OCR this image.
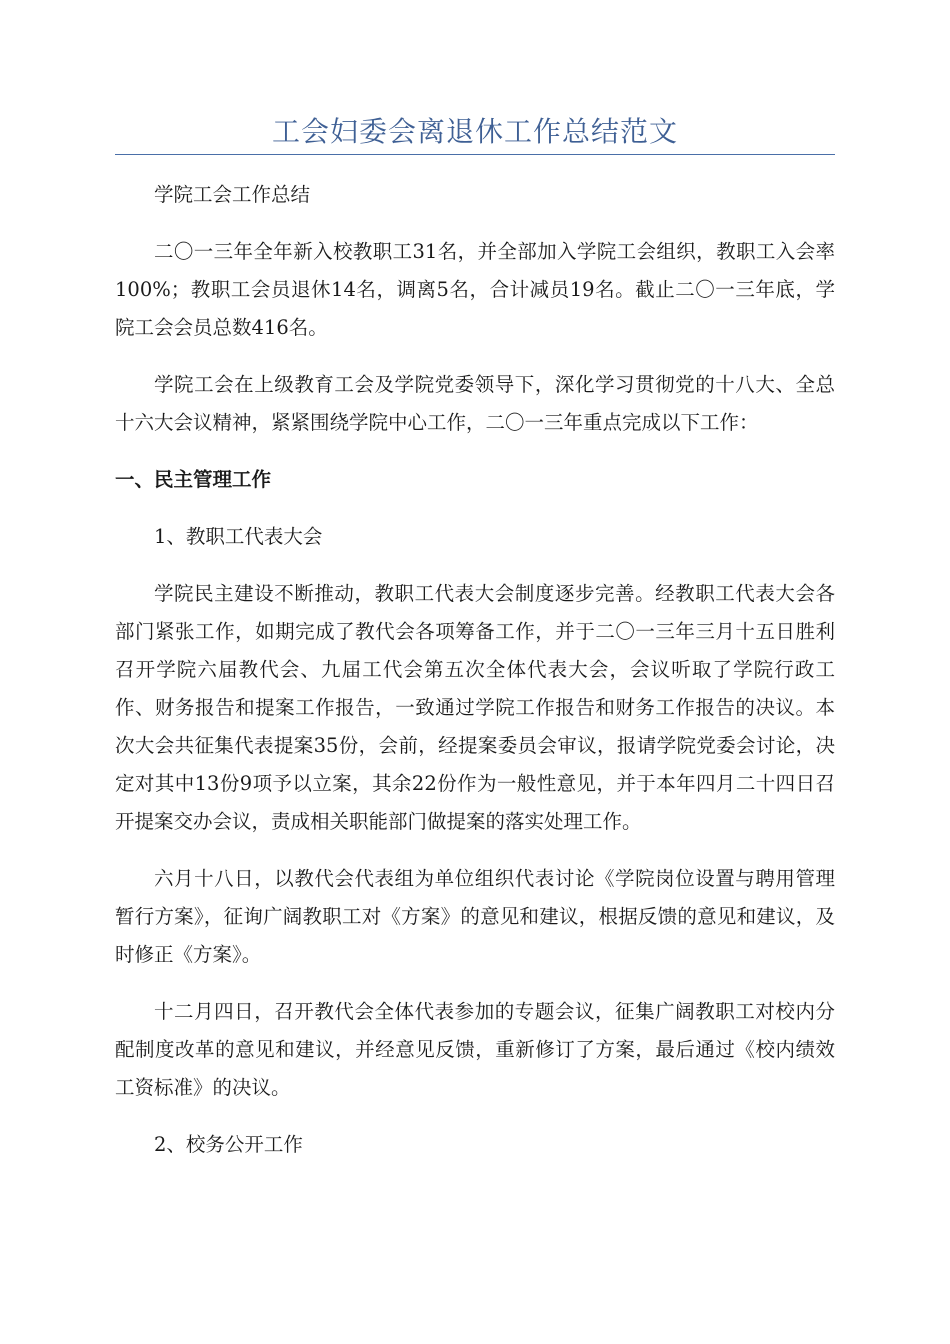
工会妇委会离退休工作总结范文

学院工会工作总结

二〇一三年全年新入校教职工31名，并全部加入学院工会组织，教职工入会率100%；教职工会员退休14名，调离5名，合计减员19名。截止二〇一三年底，学院工会会员总数416名。

学院工会在上级教育工会及学院党委领导下，深化学习贯彻党的十八大、全总十六大会议精神，紧紧围绕学院中心工作，二〇一三年重点完成以下工作：

一、民主管理工作
1、教职工代表大会

学院民主建设不断推动，教职工代表大会制度逐步完善。经教职工代表大会各部门紧张工作，如期完成了教代会各项筹备工作，并于二〇一三年三月十五日胜利召开学院六届教代会、九届工代会第五次全体代表大会，会议听取了学院行政工作、财务报告和提案工作报告，一致通过学院工作报告和财务工作报告的决议。本次大会共征集代表提案35份，会前，经提案委员会审议，报请学院党委会讨论，决定对其中13份9项予以立案，其余22份作为一般性意见，并于本年四月二十四日召开提案交办会议，责成相关职能部门做提案的落实处理工作。

六月十八日，以教代会代表组为单位组织代表讨论《学院岗位设置与聘用管理暂行方案》，征询广阔教职工对《方案》的意见和建议，根据反馈的意见和建议，及时修正《方案》。

十二月四日，召开教代会全体代表参加的专题会议，征集广阔教职工对校内分配制度改革的意见和建议，并经意见反馈，重新修订了方案，最后通过《校内绩效工资标准》的决议。

2、校务公开工作
